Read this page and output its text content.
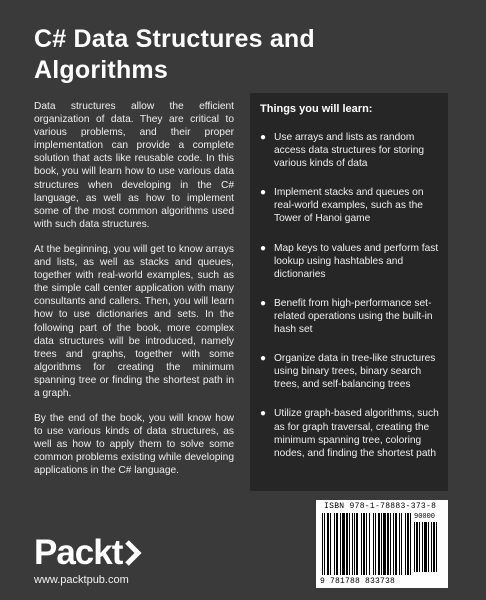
C# Data Structures and Algorithms

Data structures allow the efficient organization of data. They are critical to various problems, and their proper implementation can provide a complete solution that acts like reusable code. In this book, you will learn how to use various data structures when developing in the C# language, as well as how to implement some of the most common algorithms used with such data structures.

At the beginning, you will get to know arrays and lists, as well as stacks and queues, together with real-world examples, such as the simple call center application with many consultants and callers. Then, you will learn how to use dictionaries and sets. In the following part of the book, more complex data structures will be introduced, namely trees and graphs, together with some algorithms for creating the minimum spanning tree or finding the shortest path in a graph.

By the end of the book, you will know how to use various kinds of data structures, as well as how to apply them to solve some common problems existing while developing applications in the C# language.

Things you will learn:
● Use arrays and lists as random access data structures for storing various kinds of data
● Implement stacks and queues on real-world examples, such as the Tower of Hanoi game
● Map keys to values and perform fast lookup using hashtables and dictionaries
● Benefit from high-performance set-related operations using the built-in hash set
● Organize data in tree-like structures using binary trees, binary search trees, and self-balancing trees
● Utilize graph-based algorithms, such as for graph traversal, creating the minimum spanning tree, coloring nodes, and finding the shortest path
Packt
www.packtpub.com
ISBN 978-1-78883-373-8
90000
9 781788 833738
